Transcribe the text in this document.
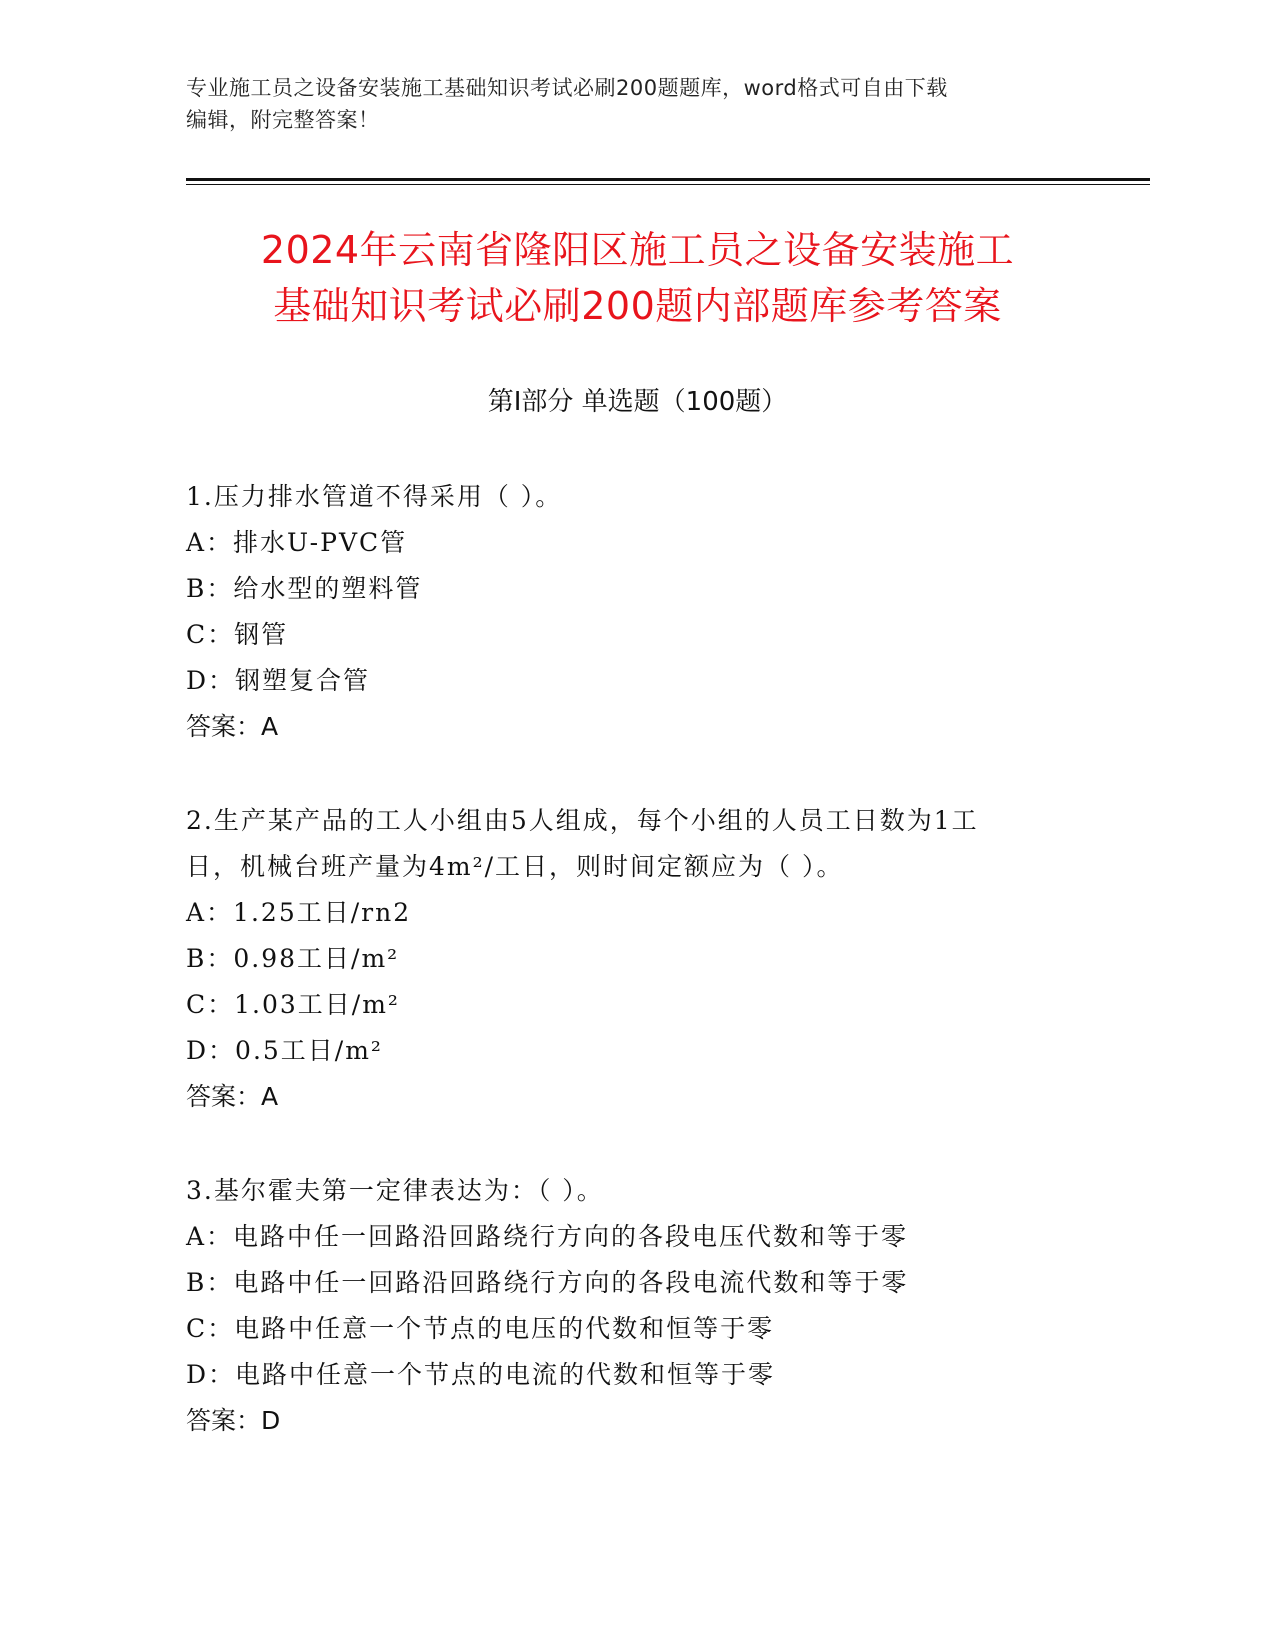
专业施工员之设备安装施工基础知识考试必刷200题题库，word格式可自由下载
编辑，附完整答案！
2024年云南省隆阳区施工员之设备安装施工
基础知识考试必刷200题内部题库参考答案
第Ⅰ部分 单选题（100题）
1.压力排水管道不得采用（ ）。
A：排水U-PVC管
B：给水型的塑料管
C：钢管
D：钢塑复合管
答案：A
2.生产某产品的工人小组由5人组成，每个小组的人员工日数为1工
日，机械台班产量为4m²/工日，则时间定额应为（ ）。
A：1.25工日/rn2
B：0.98工日/m²
C：1.03工日/m²
D：0.5工日/m²
答案：A
3.基尔霍夫第一定律表达为：（ ）。
A：电路中任一回路沿回路绕行方向的各段电压代数和等于零
B：电路中任一回路沿回路绕行方向的各段电流代数和等于零
C：电路中任意一个节点的电压的代数和恒等于零
D：电路中任意一个节点的电流的代数和恒等于零
答案：D
